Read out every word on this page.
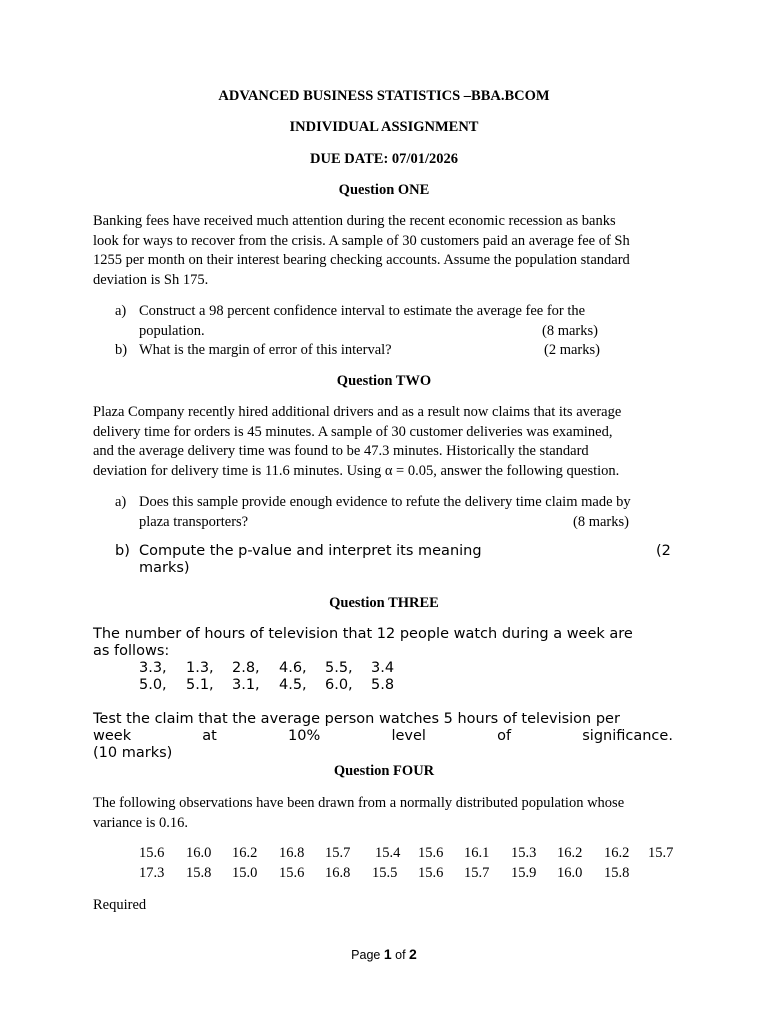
ADVANCED BUSINESS STATISTICS –BBA.BCOM
INDIVIDUAL ASSIGNMENT
DUE DATE: 07/01/2026
Question ONE
Banking fees have received much attention during the recent economic recession as banks
look for ways to recover from the crisis. A sample of 30 customers paid an average fee of Sh
1255 per month on their interest bearing checking accounts. Assume the population standard
deviation is Sh 175.
a) Construct a 98 percent confidence interval to estimate the average fee for the
population.	(8 marks)
b) What is the margin of error of this interval?	(2 marks)
Question TWO
Plaza Company recently hired additional drivers and as a result now claims that its average
delivery time for orders is 45 minutes. A sample of 30 customer deliveries was examined,
and the average delivery time was found to be 47.3 minutes. Historically the standard
deviation for delivery time is 11.6 minutes. Using α = 0.05, answer the following question.
a) Does this sample provide enough evidence to refute the delivery time claim made by
plaza transporters?	(8 marks)
b) Compute the p-value and interpret its meaning	(2
marks)
Question THREE
The number of hours of television that 12 people watch during a week are
as follows:
3.3, 1.3, 2.8, 4.6, 5.5, 3.4
5.0, 5.1, 3.1, 4.5, 6.0, 5.8
Test the claim that the average person watches 5 hours of television per
week	at	10%	level	of	significance.
(10 marks)
Question FOUR
The following observations have been drawn from a normally distributed population whose
variance is 0.16.
15.6 16.0 16.2 16.8 15.7 15.4 15.6 16.1 15.3 16.2 16.2 15.7
17.3 15.8 15.0 15.6 16.8 15.5 15.6 15.7 15.9 16.0 15.8
Required
Page 1 of 2
